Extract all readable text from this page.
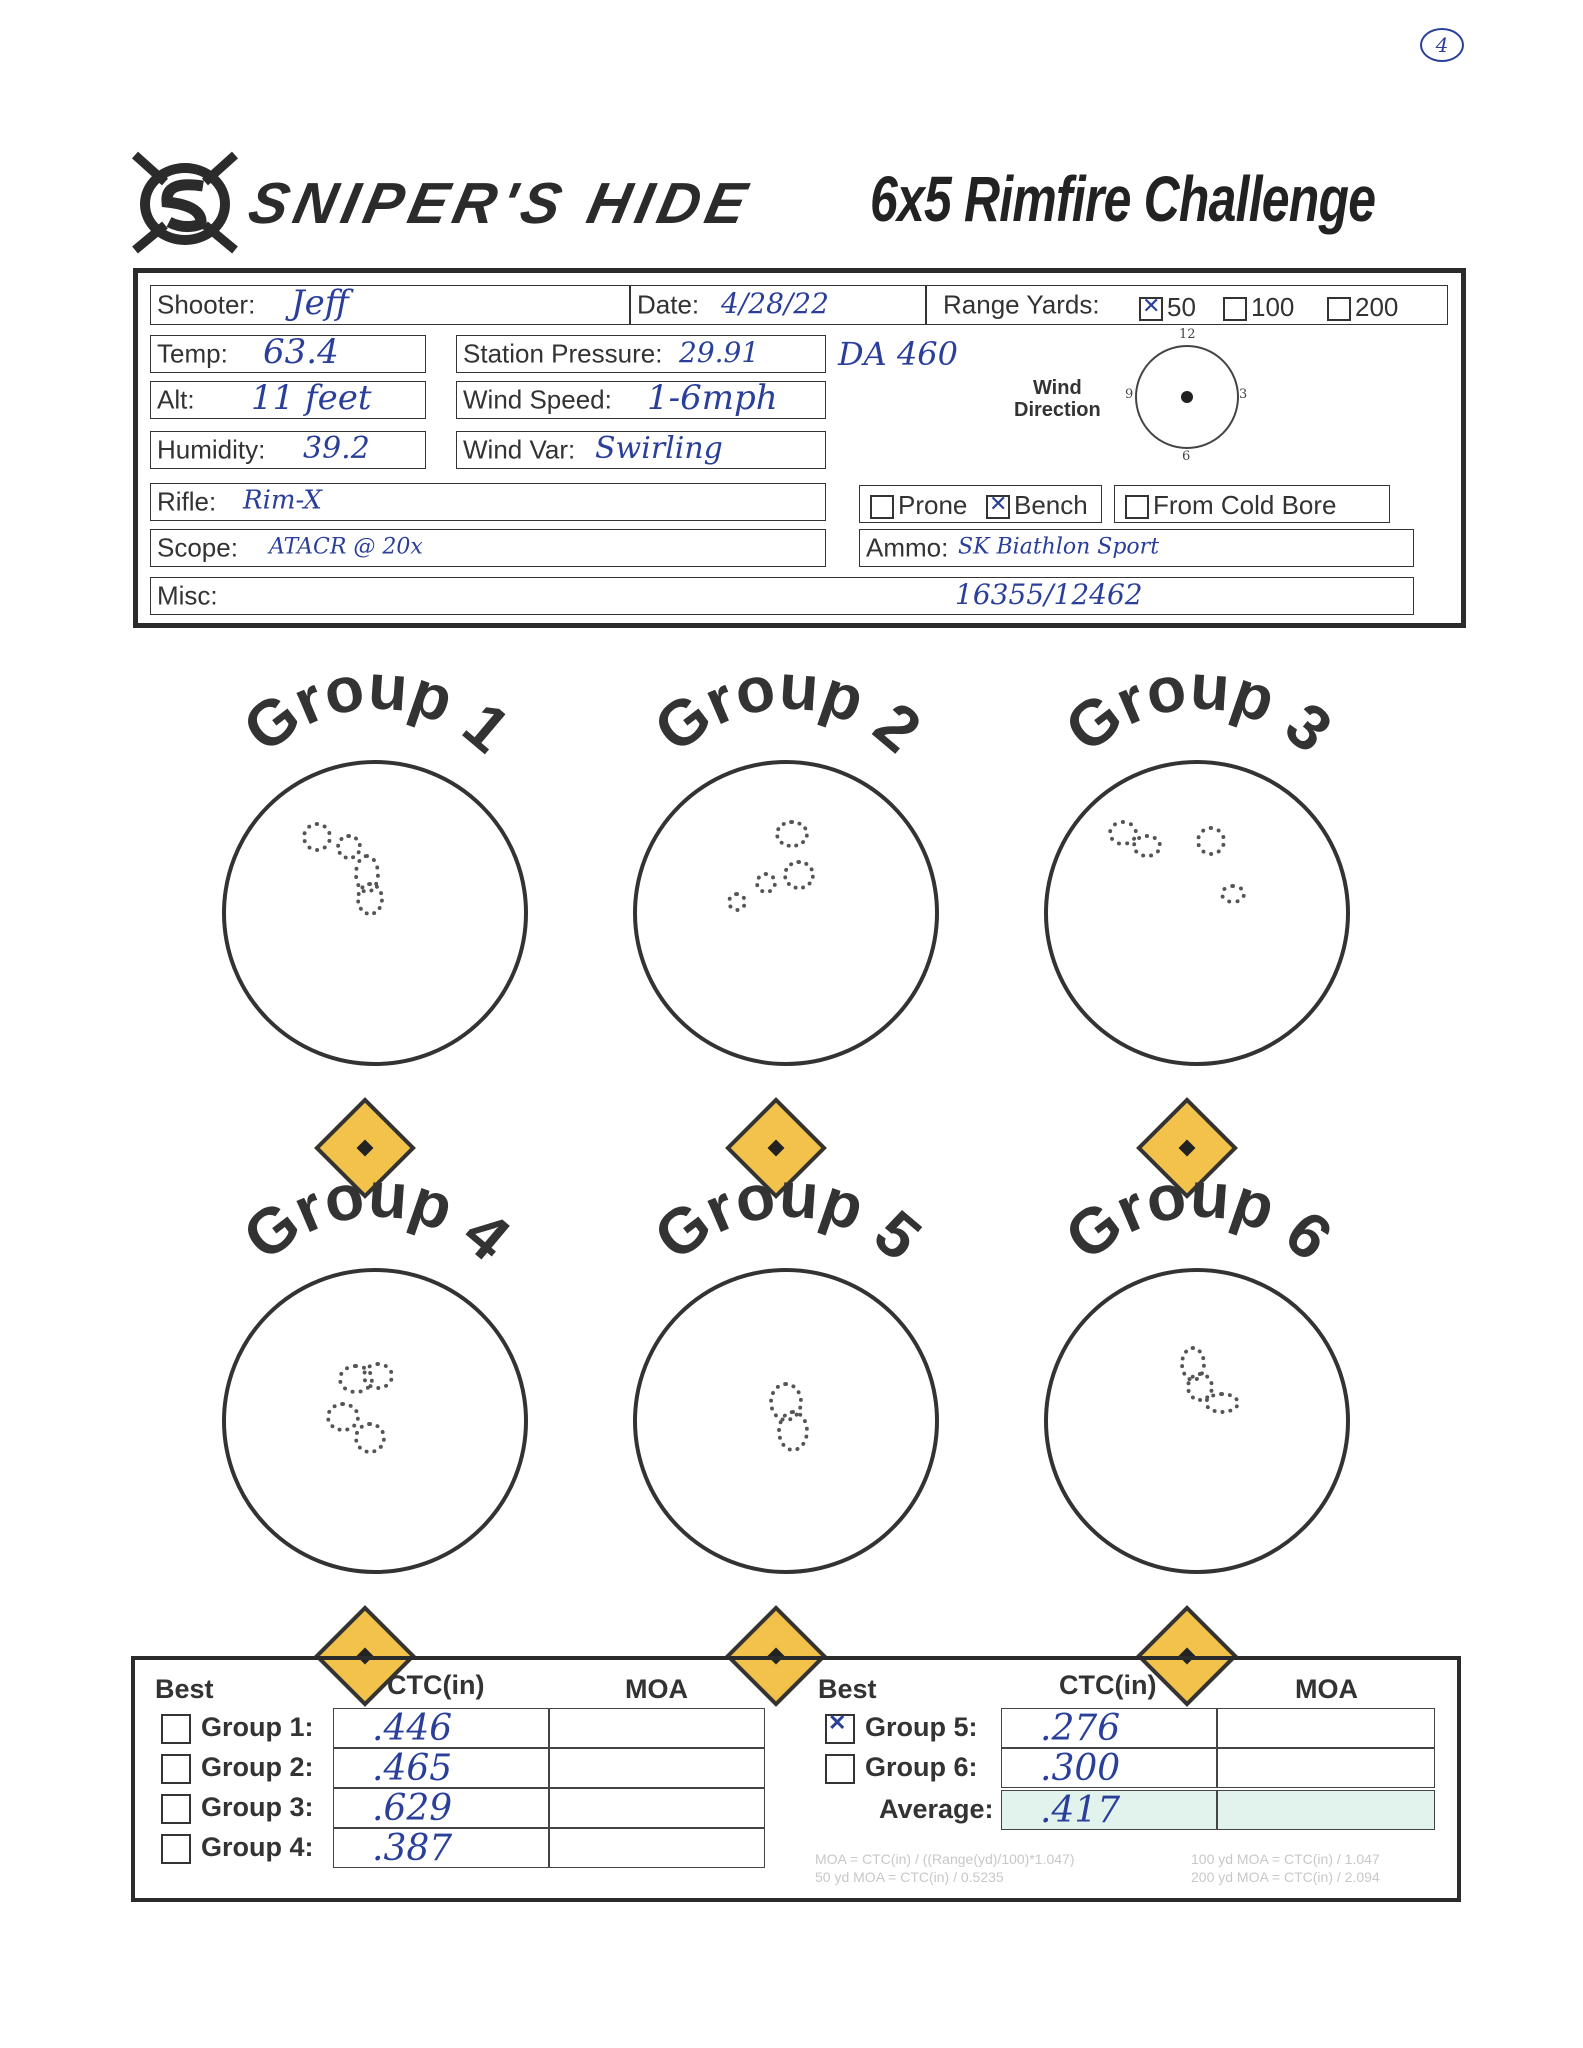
4
SNIPER'S HIDE 6x5 Rimfire Challenge
Shooter: Jeff	Date: 4/28/22	Range Yards:
✕	50	100	200
Temp: 63.4	Station Pressure: 29.91 DA 460
Alt: 11 feet	Wind Speed: 1-6mph
Humidity: 39.2	Wind Var: Swirling
Wind
Direction
Rifle: Rim-X	Prone
✕	Bench	From Cold Bore
Scope: ATACR @ 20x	Ammo: SK Biathlon Sport
Misc:	16355/12462
12
3
6
9
Group 1 Group 2 Group 3
Group 4 Group 5 Group 6
Best	CTC(in)	MOA	Best	CTC(in)	MOA
Group 1: .446
Group 2: .465
Group 3: .629
Group 4: .387
✕Group 5: .276
Group 6: .300
Average: .417
MOA = CTC(in) / ((Range(yd)/100)*1.047)
50 yd MOA = CTC(in) / 0.5235
100 yd MOA = CTC(in) / 1.047
200 yd MOA = CTC(in) / 2.094
